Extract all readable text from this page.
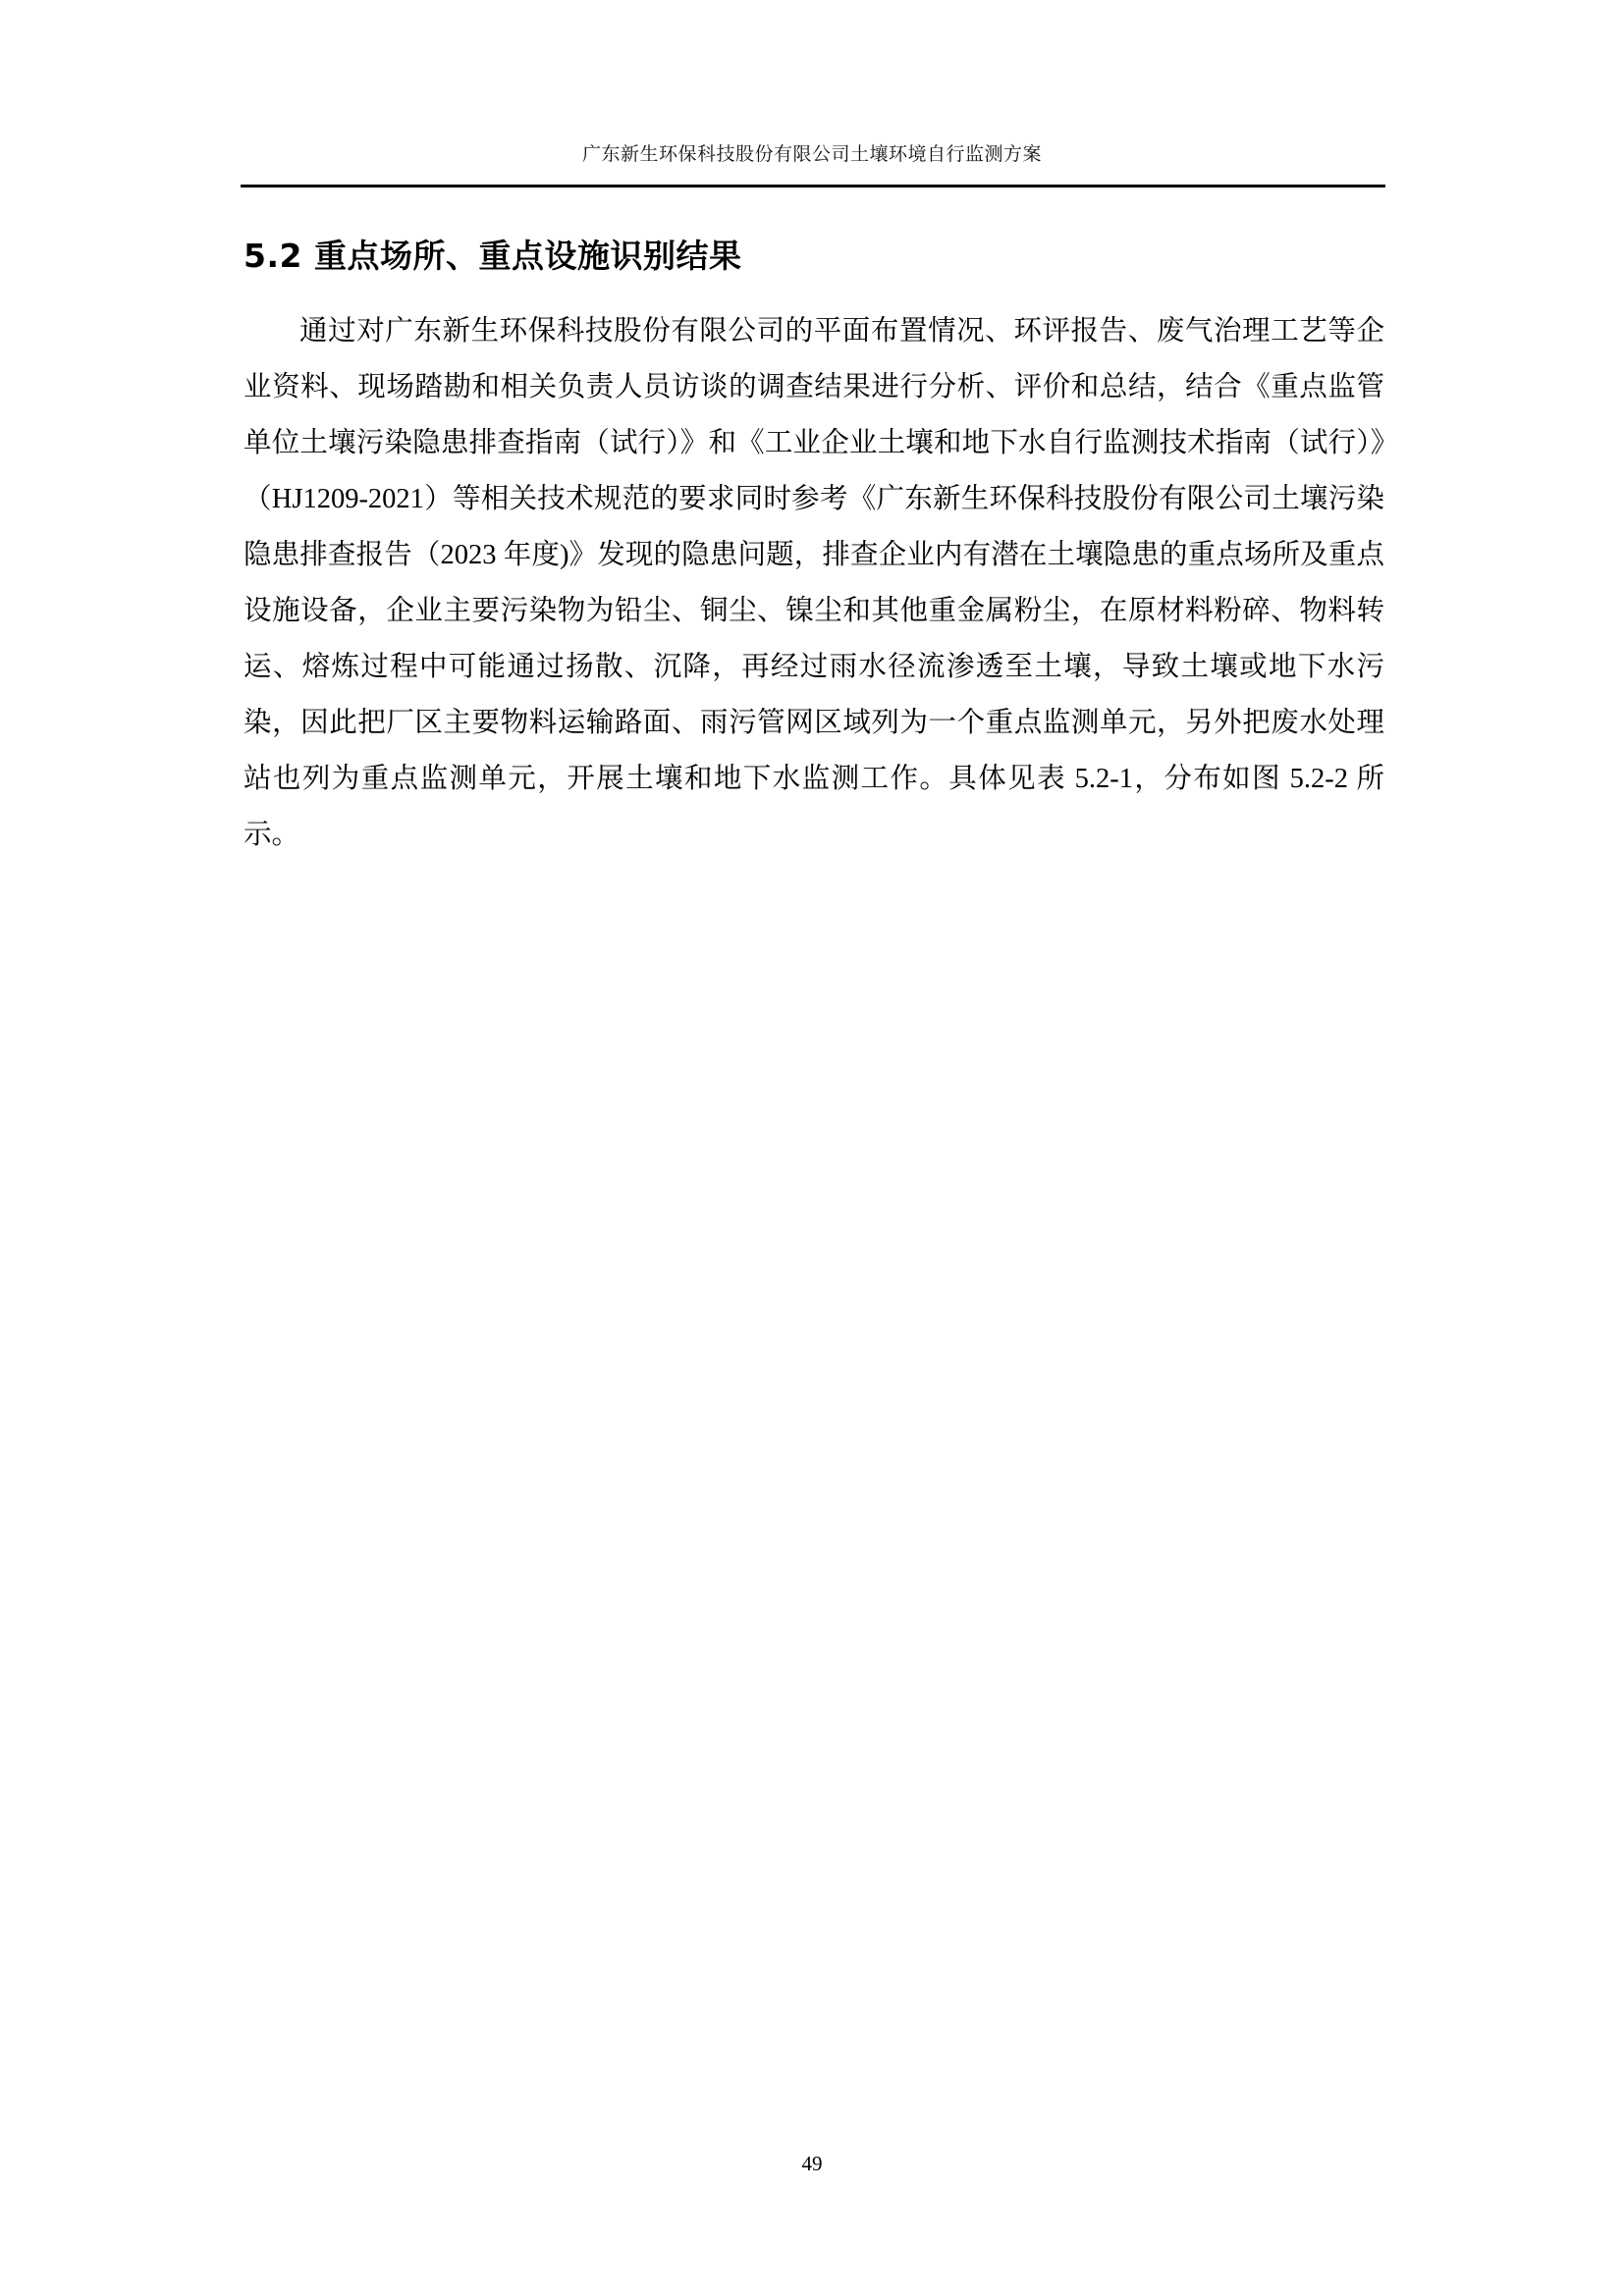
广东新生环保科技股份有限公司土壤环境自行监测方案
5.2 重点场所、重点设施识别结果

通过对广东新生环保科技股份有限公司的平面布置情况、环评报告、废气治理工艺等企业资料、现场踏勘和相关负责人员访谈的调查结果进行分析、评价和总结，结合《重点监管单位土壤污染隐患排查指南（试行）》和《工业企业土壤和地下水自行监测技术指南（试行）》（HJ1209-2021）等相关技术规范的要求同时参考《广东新生环保科技股份有限公司土壤污染隐患排查报告（2023 年度)》发现的隐患问题，排查企业内有潜在土壤隐患的重点场所及重点设施设备，企业主要污染物为铅尘、铜尘、镍尘和其他重金属粉尘，在原材料粉碎、物料转运、熔炼过程中可能通过扬散、沉降，再经过雨水径流渗透至土壤，导致土壤或地下水污染，因此把厂区主要物料运输路面、雨污管网区域列为一个重点监测单元，另外把废水处理站也列为重点监测单元，开展土壤和地下水监测工作。具体见表 5.2-1，分布如图 5.2-2 所示。

49
